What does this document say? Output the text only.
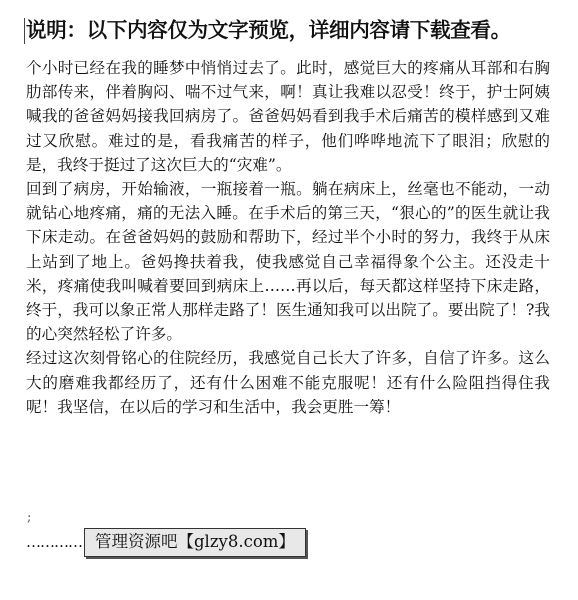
说明：以下内容仅为文字预览，详细内容请下载查看。

个小时已经在我的睡梦中悄悄过去了。此时，感觉巨大的疼痛从耳部和右胸肋部传来，伴着胸闷、喘不过气来，啊！真让我难以忍受！终于，护士阿姨喊我的爸爸妈妈接我回病房了。爸爸妈妈看到我手术后痛苦的模样感到又难过又欣慰。难过的是，看我痛苦的样子，他们哗哗地流下了眼泪；欣慰的是，我终于挺过了这次巨大的“灾难”。

回到了病房，开始输液，一瓶接着一瓶。躺在病床上，丝毫也不能动，一动就钻心地疼痛，痛的无法入睡。在手术后的第三天，“狠心的”的医生就让我下床走动。在爸爸妈妈的鼓励和帮助下，经过半个小时的努力，我终于从床上站到了地上。爸妈搀扶着我，使我感觉自己幸福得象个公主。还没走十米，疼痛使我叫喊着要回到病床上……再以后，每天都这样坚持下床走路，终于，我可以象正常人那样走路了！医生通知我可以出院了。要出院了！?我的心突然轻松了许多。

经过这次刻骨铭心的住院经历，我感觉自己长大了许多，自信了许多。这么大的磨难我都经历了，还有什么困难不能克服呢！还有什么险阻挡得住我呢！我坚信，在以后的学习和生活中，我会更胜一筹！

;
………… 管理资源吧【glzy8.com】
